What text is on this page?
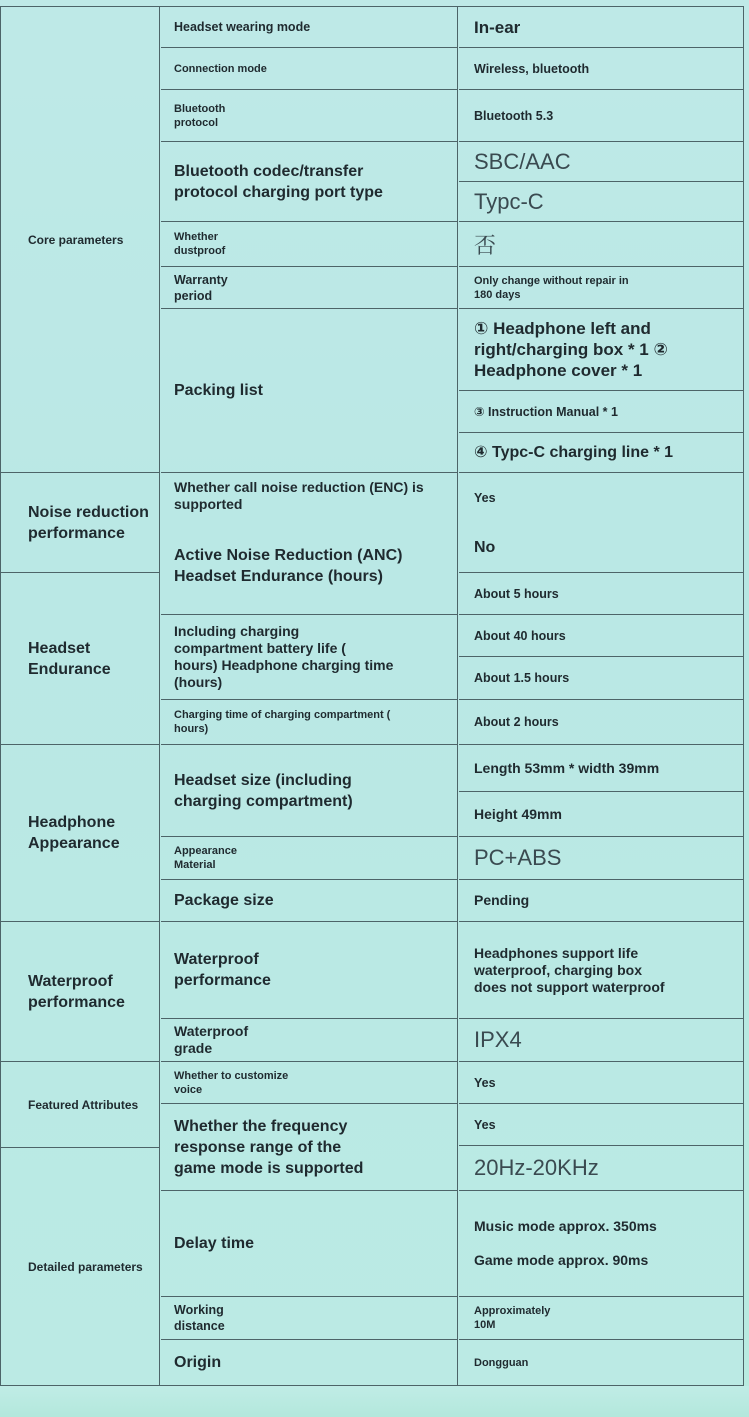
Core parameters
Noise reduction
performance
Headset
Endurance
Headphone
Appearance
Waterproof
performance
Featured Attributes
Detailed parameters
Headset wearing mode
Connection mode
Bluetooth
protocol
Bluetooth codec/transfer
protocol charging port type
Whether
dustproof
Warranty
period
Packing list
Whether call noise reduction (ENC) is
supported
Active Noise Reduction (ANC)
Headset Endurance (hours)
Including charging
compartment battery life (
hours) Headphone charging time
(hours)
Charging time of charging compartment (
hours)
Headset size (including
charging compartment)
Appearance
Material
Package size
Waterproof
performance
Waterproof
grade
Whether to customize
voice
Whether the frequency
response range of the
game mode is supported
Delay time
Working
distance
Origin
In-ear
Wireless, bluetooth
Bluetooth 5.3
SBC/AAC
Typc-C
否
Only change without repair in
180 days
① Headphone left and
right/charging box * 1 ②
Headphone cover * 1
③ Instruction Manual * 1
④ Typc-C charging line * 1
Yes
No
About 5 hours
About 40 hours
About 1.5 hours
About 2 hours
Length 53mm * width 39mm
Height 49mm
PC+ABS
Pending
Headphones support life
waterproof, charging box
does not support waterproof
IPX4
Yes
Yes
20Hz-20KHz
Music mode approx. 350ms

Game mode approx. 90ms
Approximately
10M
Dongguan
